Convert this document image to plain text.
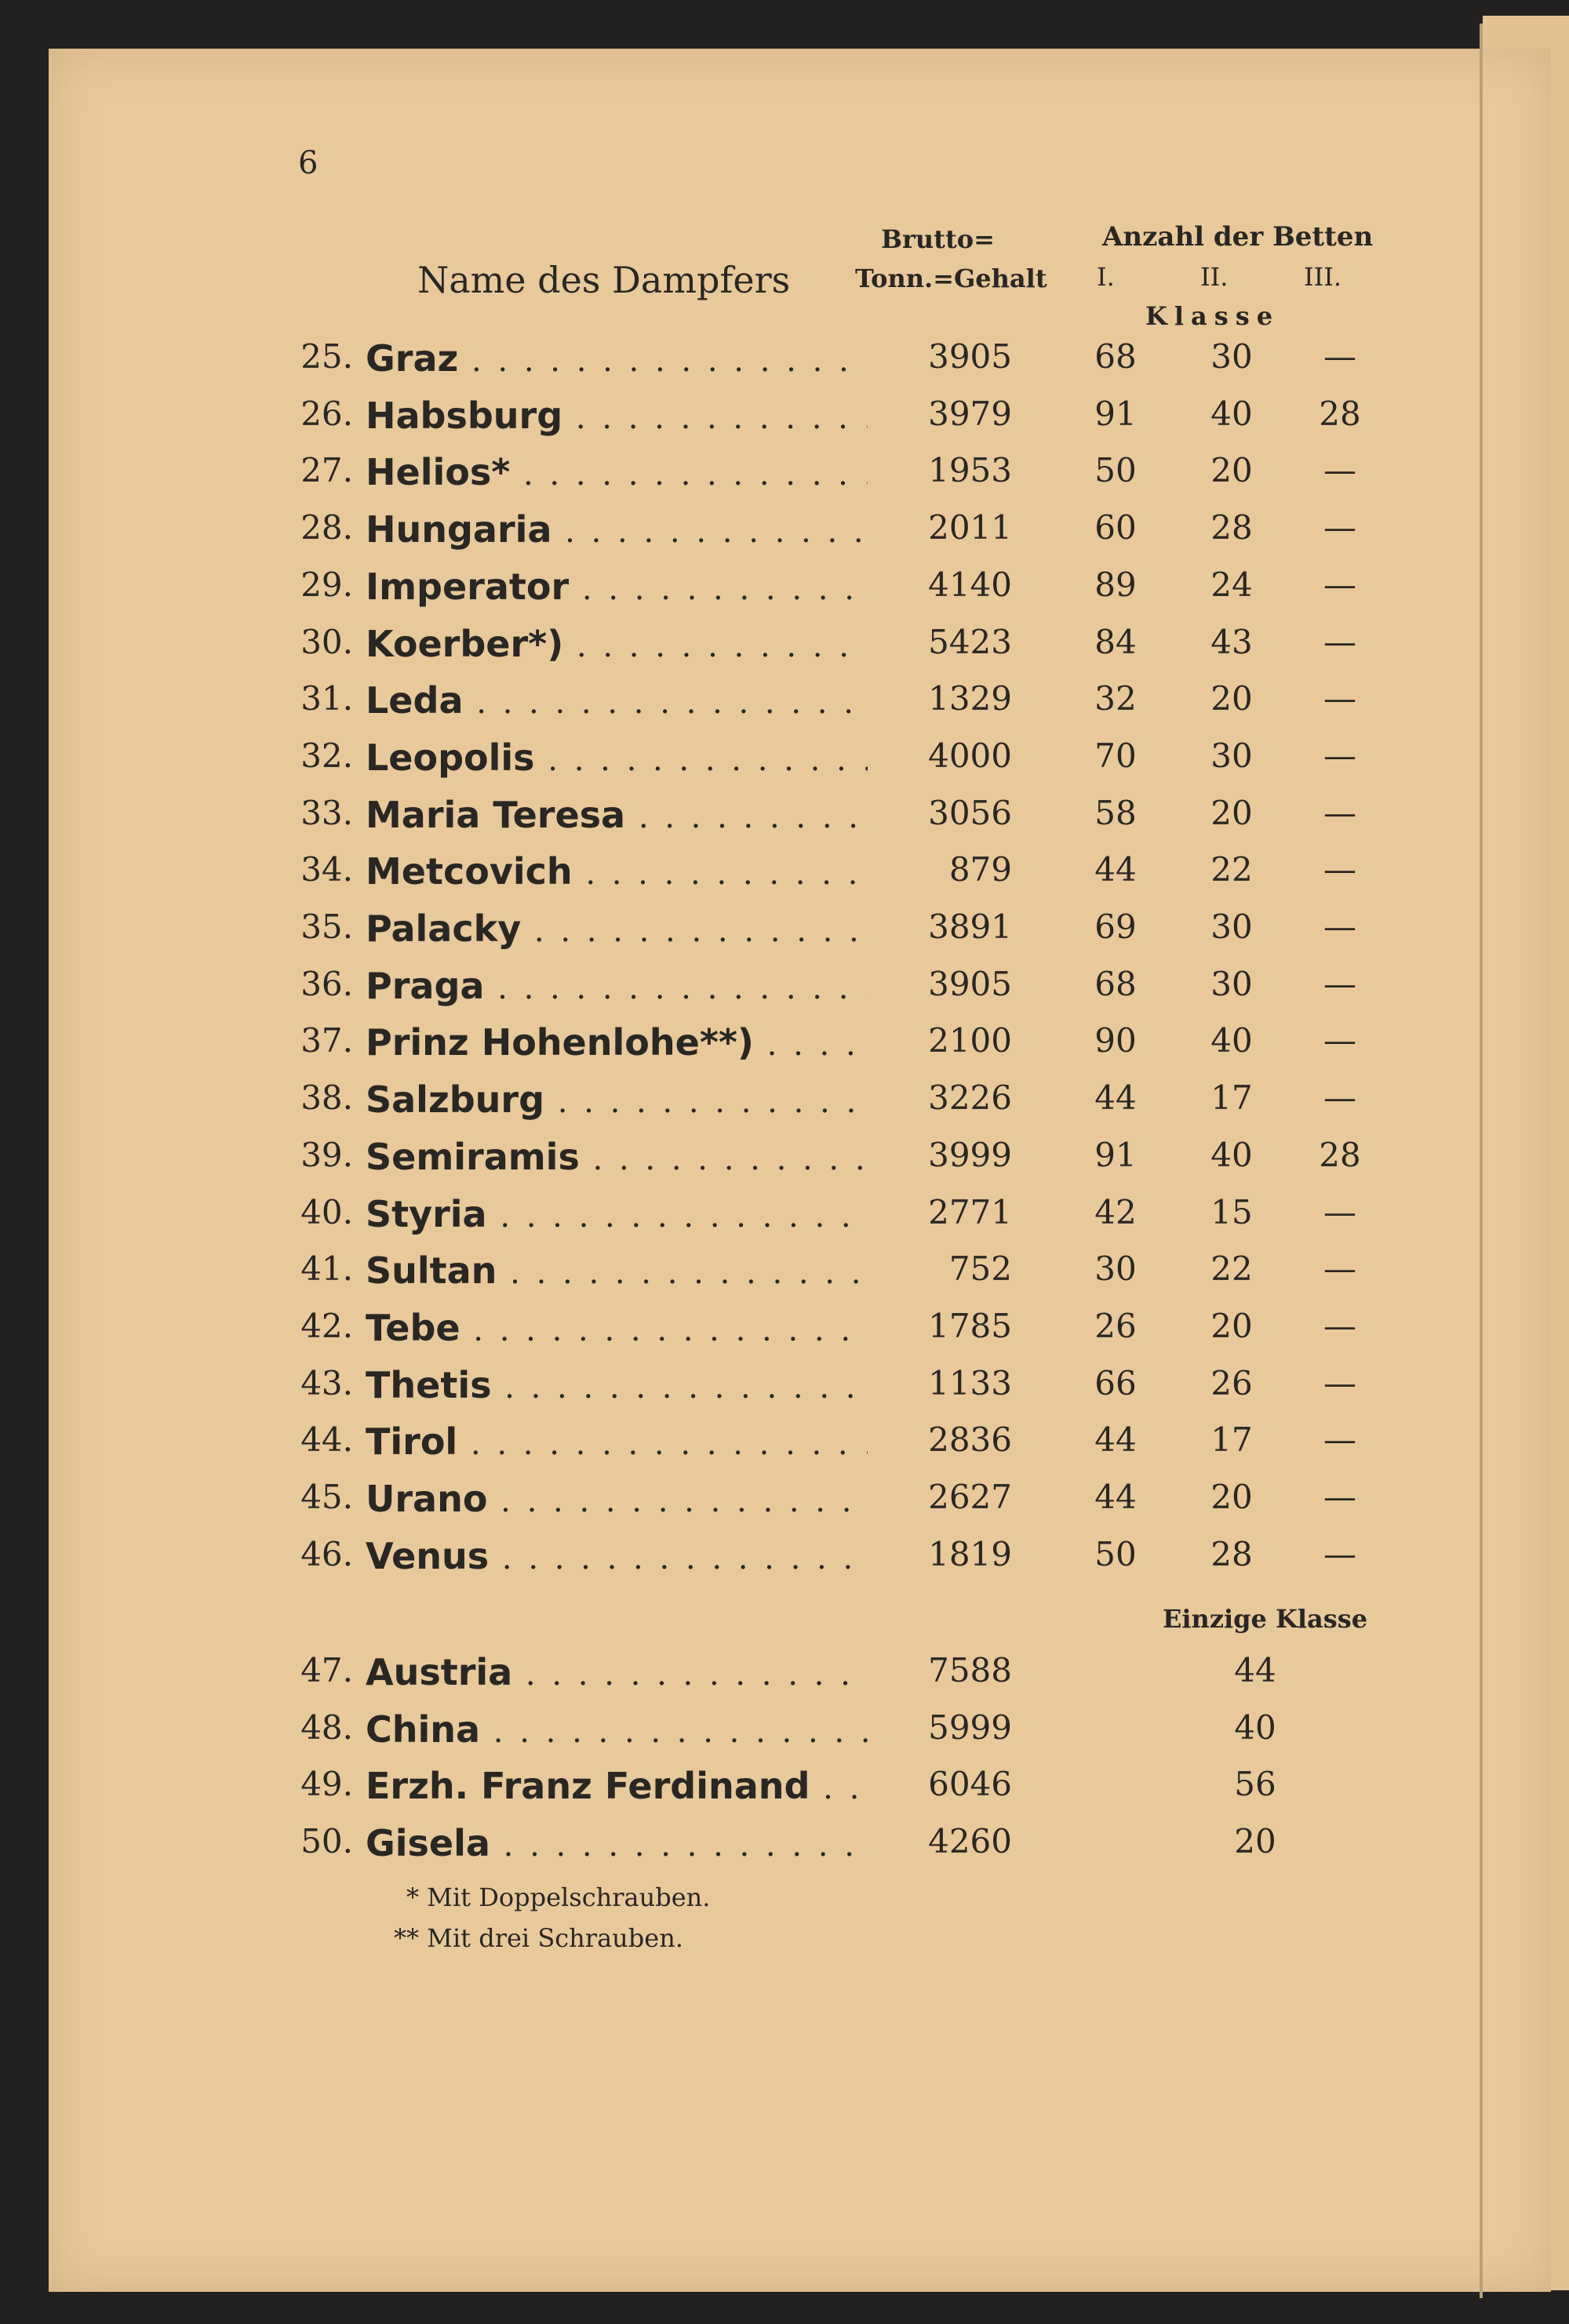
6
Name des Dampfers
Brutto=
Tonn.=Gehalt
Anzahl der Betten
I.	II.	III.
Klasse
25. Graz . . .	3905	68	30	—
26. Habsburg . . .	3979	91	40	28
27. Helios* . . .	1953	50	20	—
28. Hungaria . . .	2011	60	28	—
29. Imperator . . .	4140	89	24	—
30. Koerber*) . . .	5423	84	43	—
31. Leda . . .	1329	32	20	—
32. Leopolis . . .	4000	70	30	—
33. Maria Teresa . . .	3056	58	20	—
34. Metcovich . . .	879	44	22	—
35. Palacky . . .	3891	69	30	—
36. Praga . . .	3905	68	30	—
37. Prinz Hohenlohe**) . . .	2100	90	40	—
38. Salzburg . . .	3226	44	17	—
39. Semiramis . . .	3999	91	40	28
40. Styria . . .	2771	42	15	—
41. Sultan . . .	752	30	22	—
42. Tebe . . .	1785	26	20	—
43. Thetis . . .	1133	66	26	—
44. Tirol . . .	2836	44	17	—
45. Urano . . .	2627	44	20	—
46. Venus . . .	1819	50	28	—
47. Austria . . .	7588	44
48. China . . .	5999	40
49. Erzh. Franz Ferdinand . . .	6046	56
50. Gisela . . .	4260	20
Einzige Klasse
* Mit Doppelschrauben.
** Mit drei Schrauben.
